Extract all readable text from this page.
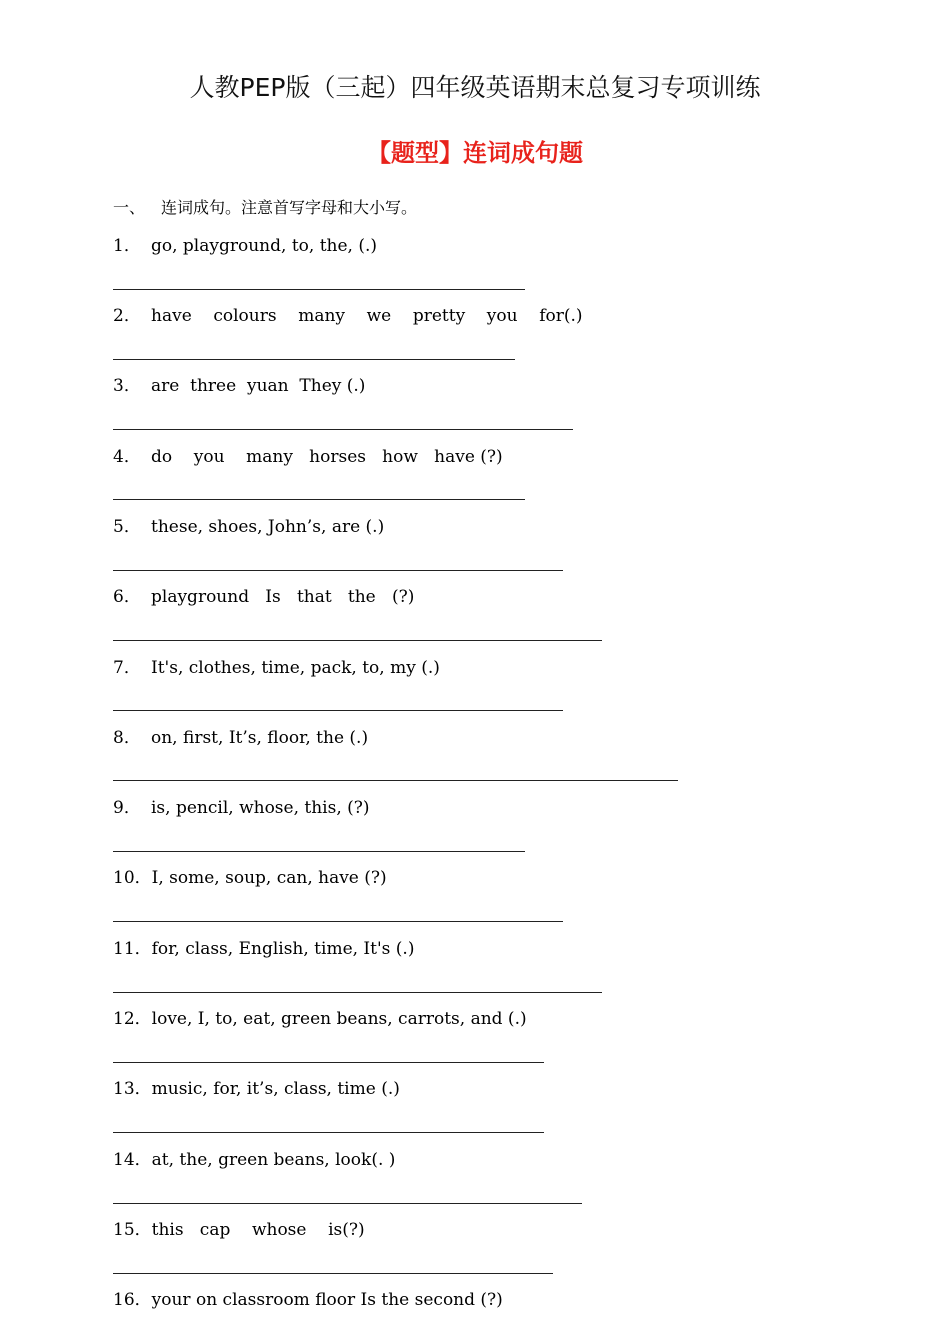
人教PEP版（三起）四年级英语期末总复习专项训练
【题型】连词成句题
一、 连词成句。注意首写字母和大小写。
1． go, playground, to, the, (.)
2． have    colours    many    we    pretty    you    for(.)
3． are  three  yuan  They (.)
4． do    you    many   horses   how   have (?)
5． these, shoes, John’s, are (.)
6． playground   Is   that   the   (?)
7． It's, clothes, time, pack, to, my (.)
8． on, first, It’s, floor, the (.)
9． is, pencil, whose, this, (?)
10．I, some, soup, can, have (?)
11．for, class, English, time, It's (.)
12．love, I, to, eat, green beans, carrots, and (.)
13．music, for, it’s, class, time (.)
14．at, the, green beans, look(. )
15．this   cap    whose    is(?)
16．your on classroom floor Is the second (?)
